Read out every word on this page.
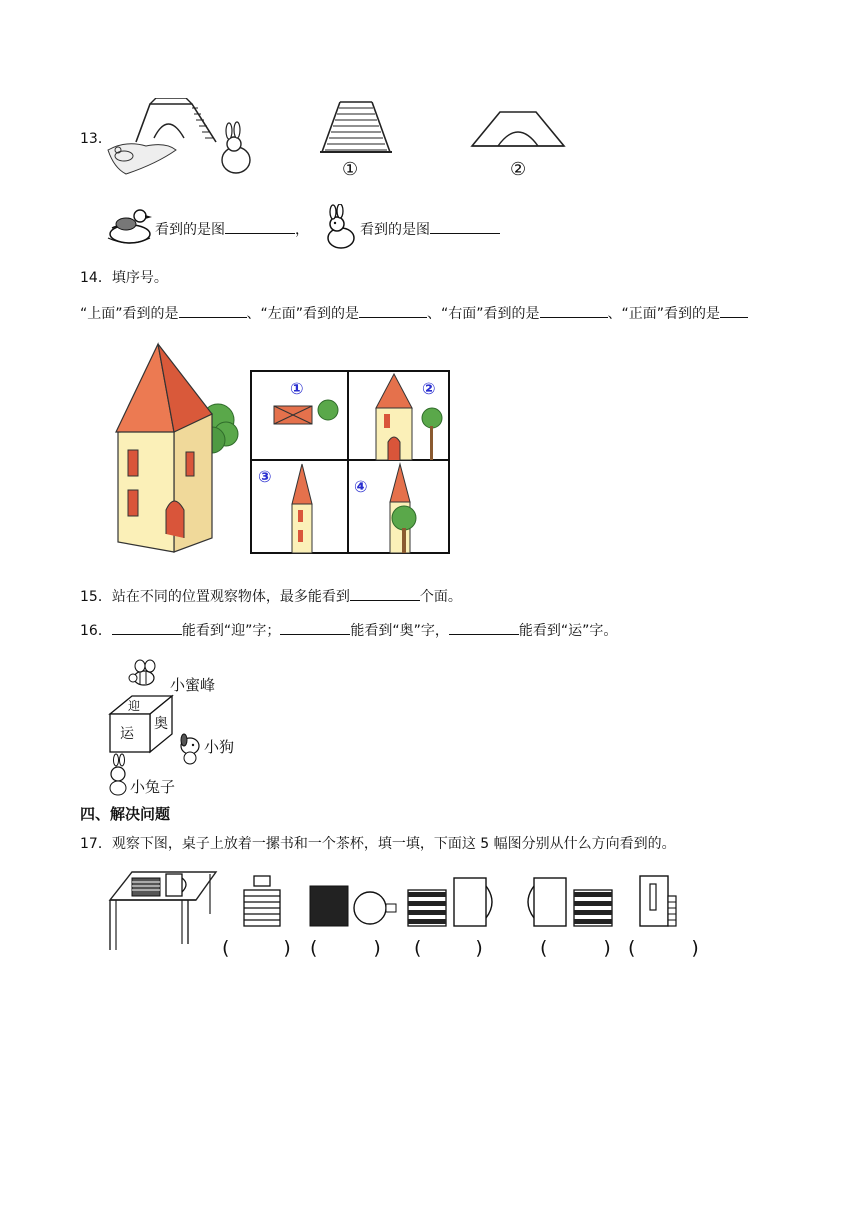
13．
①	②
看到的是图	，	看到的是图
14．填序号。
“上面”看到的是	、“左面”看到的是	、“右面”看到的是	、“正面”看到的是
①	②
③
④
15．站在不同的位置观察物体，最多能看到	个面。
16．	能看到“迎”字；	能看到“奥”字，	能看到“运”字。
小蜜峰
迎
运
奥
小狗
小兔子
四、解决问题
17．观察下图，桌子上放着一摞书和一个茶杯，填一填，下面这 5 幅图分别从什么方向看到的。
(	) (	) (	)	(	) (	)
